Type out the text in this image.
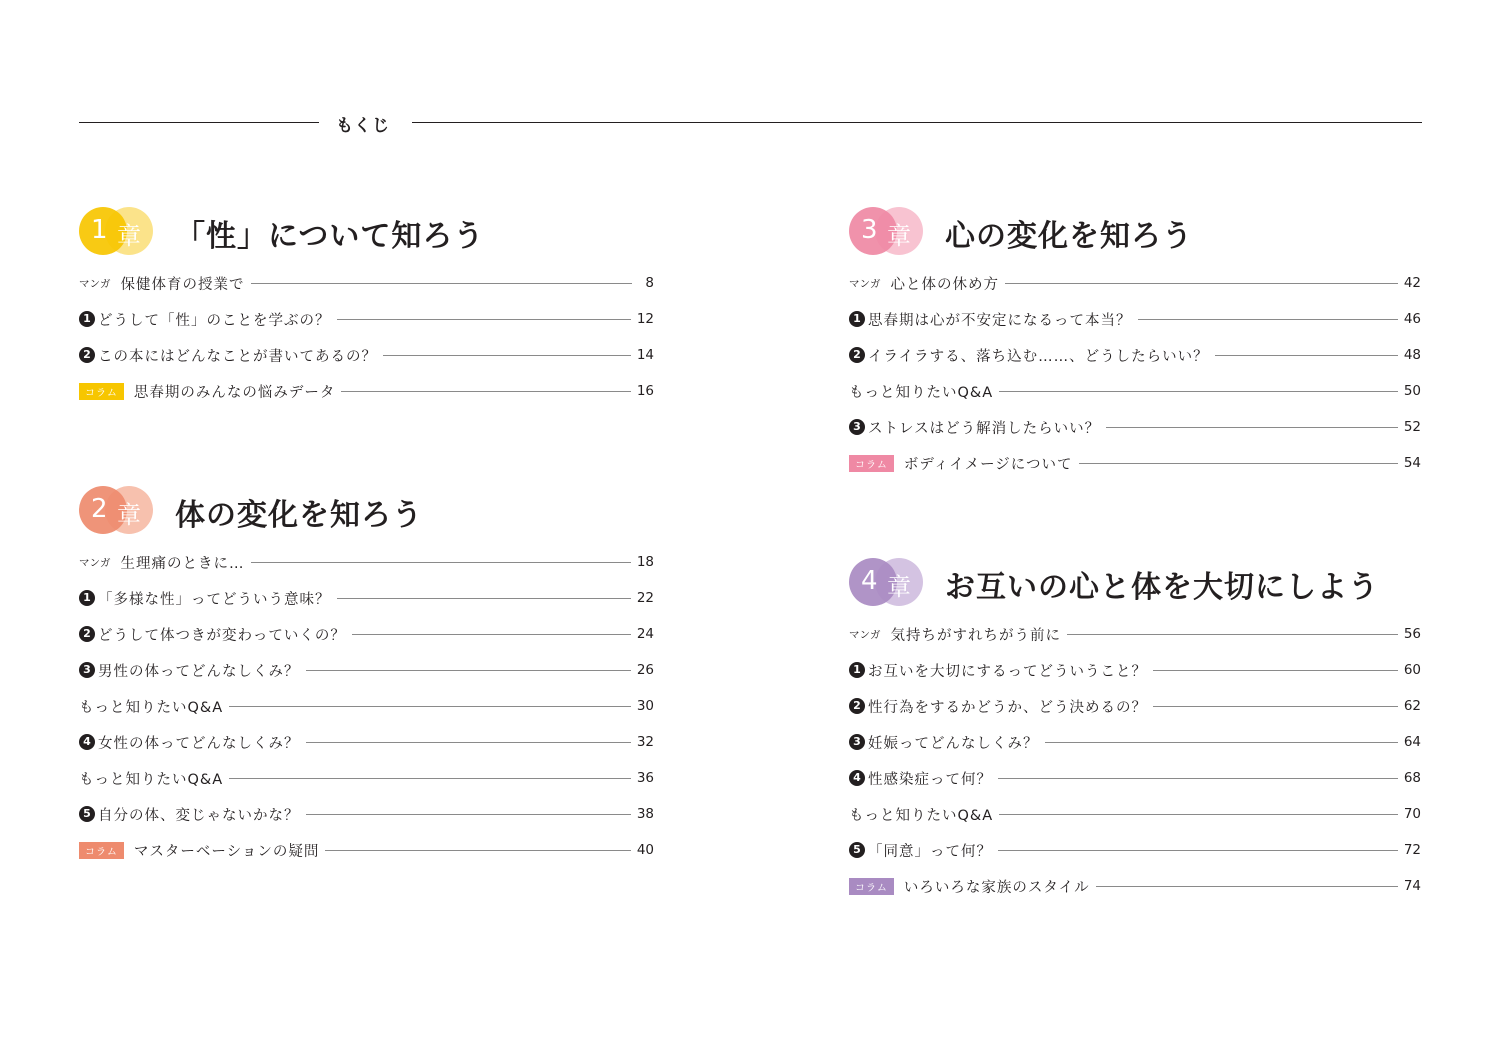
もくじ
1 章 「性」について知ろう
マンガ 保健体育の授業で	8
1 どうして「性」のことを学ぶの？	12
2 この本にはどんなことが書いてあるの？	14
コラム	思春期のみんなの悩みデータ	16
2 章 体の変化を知ろう
マンガ 生理痛のときに…	18
1 「多様な性」ってどういう意味？	22
2 どうして体つきが変わっていくの？	24
3 男性の体ってどんなしくみ？	26
もっと知りたいQ&A	30
4 女性の体ってどんなしくみ？	32
もっと知りたいQ&A	36
5 自分の体、変じゃないかな？	38
コラム	マスターベーションの疑問	40
3 章 心の変化を知ろう
マンガ 心と体の休め方	42
1 思春期は心が不安定になるって本当？	46
2 イライラする、落ち込む……、どうしたらいい？	48
もっと知りたいQ&A	50
3 ストレスはどう解消したらいい？	52
コラム	ボディイメージについて	54
4 章 お互いの心と体を大切にしよう
マンガ 気持ちがすれちがう前に	56
1 お互いを大切にするってどういうこと？	60
2 性行為をするかどうか、どう決めるの？	62
3 妊娠ってどんなしくみ？	64
4 性感染症って何？	68
もっと知りたいQ&A	70
5 「同意」って何？	72
コラム	いろいろな家族のスタイル	74
